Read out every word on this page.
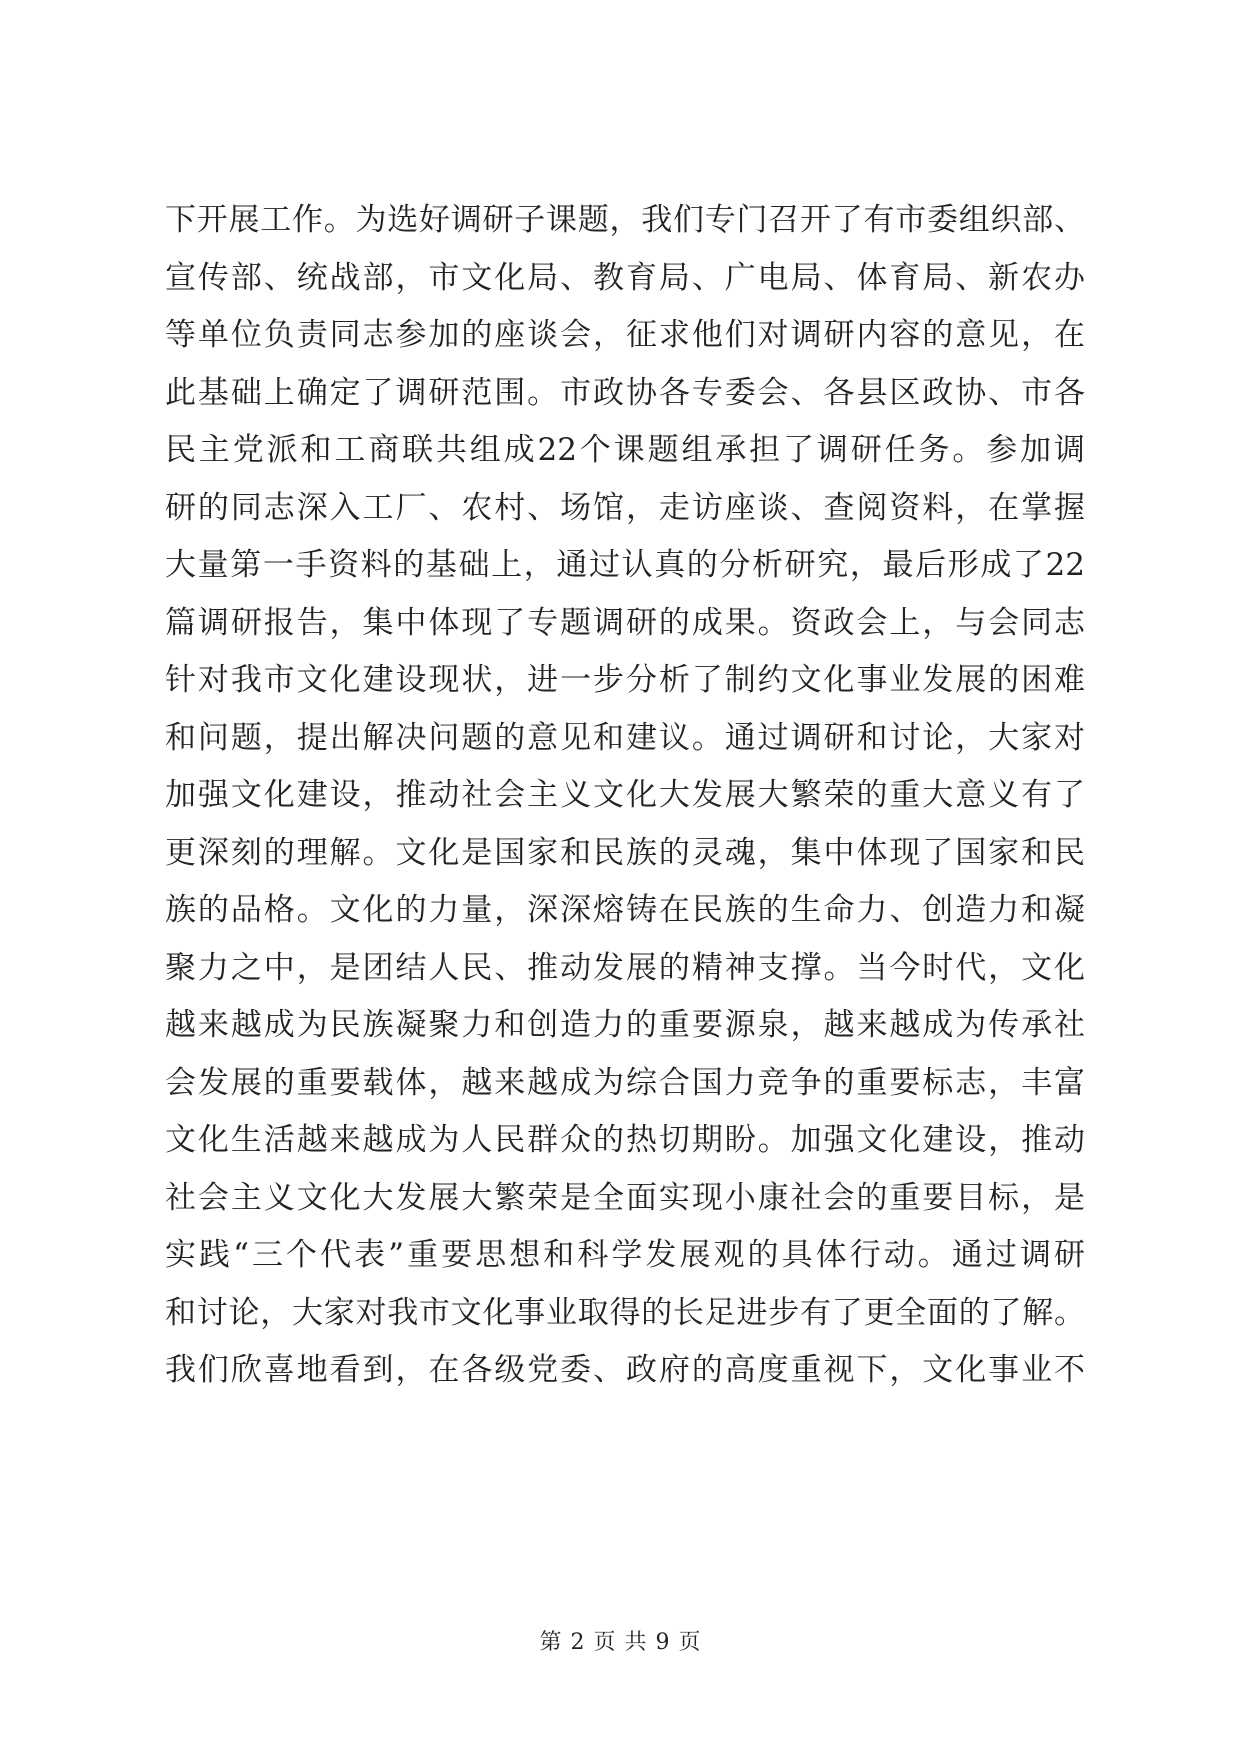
下开展工作。为选好调研子课题，我们专门召开了有市委组织部、
宣传部、统战部，市文化局、教育局、广电局、体育局、新农办
等单位负责同志参加的座谈会，征求他们对调研内容的意见，在
此基础上确定了调研范围。市政协各专委会、各县区政协、市各
民主党派和工商联共组成22个课题组承担了调研任务。参加调
研的同志深入工厂、农村、场馆，走访座谈、查阅资料，在掌握
大量第一手资料的基础上，通过认真的分析研究，最后形成了22
篇调研报告，集中体现了专题调研的成果。资政会上，与会同志
针对我市文化建设现状，进一步分析了制约文化事业发展的困难
和问题，提出解决问题的意见和建议。通过调研和讨论，大家对
加强文化建设，推动社会主义文化大发展大繁荣的重大意义有了
更深刻的理解。文化是国家和民族的灵魂，集中体现了国家和民
族的品格。文化的力量，深深熔铸在民族的生命力、创造力和凝
聚力之中，是团结人民、推动发展的精神支撑。当今时代，文化
越来越成为民族凝聚力和创造力的重要源泉，越来越成为传承社
会发展的重要载体，越来越成为综合国力竞争的重要标志，丰富
文化生活越来越成为人民群众的热切期盼。加强文化建设，推动
社会主义文化大发展大繁荣是全面实现小康社会的重要目标，是
实践“三个代表”重要思想和科学发展观的具体行动。通过调研
和讨论，大家对我市文化事业取得的长足进步有了更全面的了解。
我们欣喜地看到，在各级党委、政府的高度重视下，文化事业不
第 2 页 共 9 页
